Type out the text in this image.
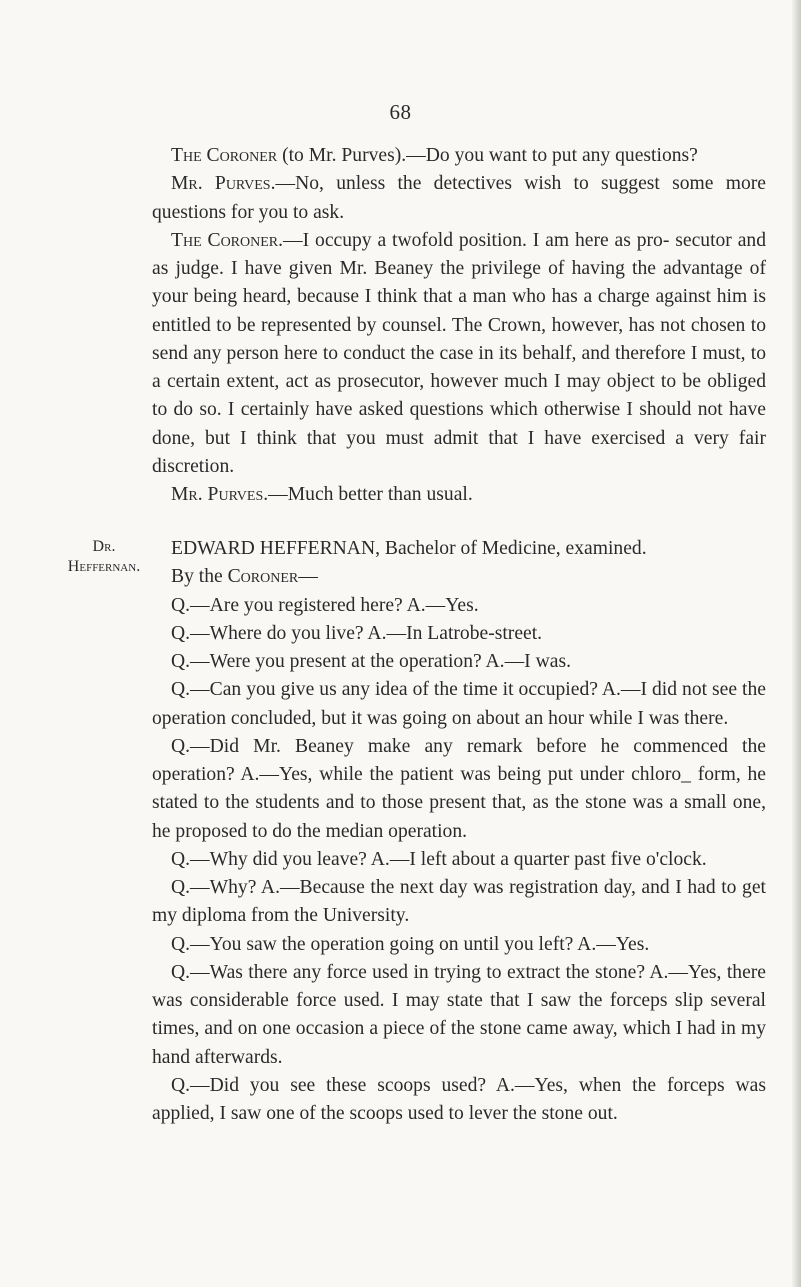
68

The Coroner (to Mr. Purves).—Do you want to put any questions?

Mr. Purves.—No, unless the detectives wish to suggest some more questions for you to ask.

The Coroner.—I occupy a twofold position. I am here as pro- secutor and as judge. I have given Mr. Beaney the privilege of having the advantage of your being heard, because I think that a man who has a charge against him is entitled to be represented by counsel. The Crown, however, has not chosen to send any person here to conduct the case in its behalf, and therefore I must, to a certain extent, act as prosecutor, however much I may object to be obliged to do so. I certainly have asked questions which otherwise I should not have done, but I think that you must admit that I have exercised a very fair discretion.

Mr. Purves.—Much better than usual.

Dr.
Heffernan.

EDWARD HEFFERNAN, Bachelor of Medicine, examined.

By the Coroner—

Q.—Are you registered here? A.—Yes.

Q.—Where do you live? A.—In Latrobe-street.

Q.—Were you present at the operation? A.—I was.

Q.—Can you give us any idea of the time it occupied? A.—I did not see the operation concluded, but it was going on about an hour while I was there.

Q.—Did Mr. Beaney make any remark before he commenced the operation? A.—Yes, while the patient was being put under chloro_ form, he stated to the students and to those present that, as the stone was a small one, he proposed to do the median operation.

Q.—Why did you leave? A.—I left about a quarter past five o'clock.

Q.—Why? A.—Because the next day was registration day, and I had to get my diploma from the University.

Q.—You saw the operation going on until you left? A.—Yes.

Q.—Was there any force used in trying to extract the stone? A.—Yes, there was considerable force used. I may state that I saw the forceps slip several times, and on one occasion a piece of the stone came away, which I had in my hand afterwards.

Q.—Did you see these scoops used? A.—Yes, when the forceps was applied, I saw one of the scoops used to lever the stone out.
